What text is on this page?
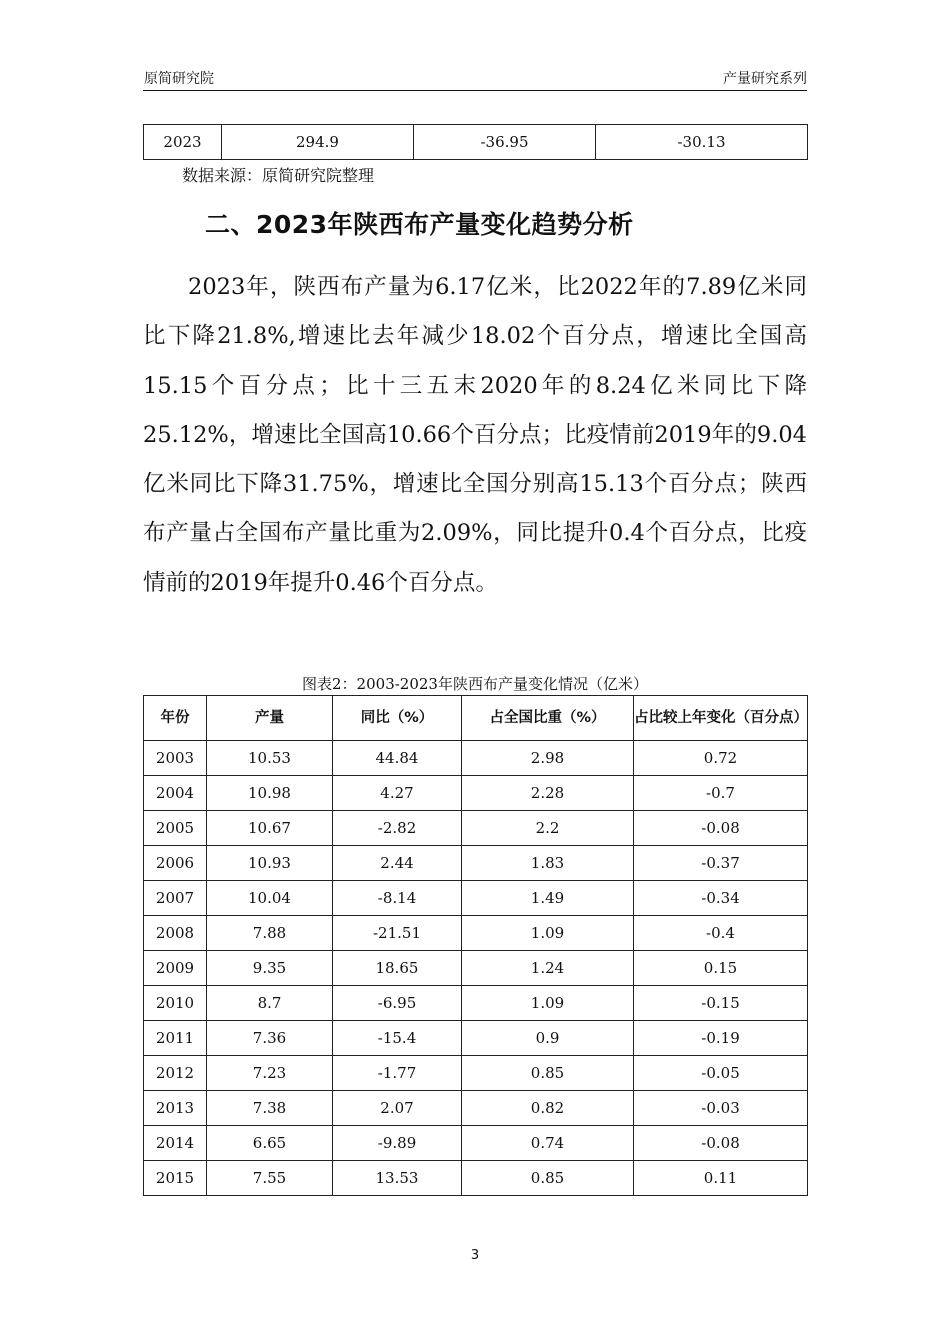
原简研究院	产量研究系列
2023	294.9	-36.95	-30.13
数据来源：原简研究院整理
二、2023年陕西布产量变化趋势分析

2023年，陕西布产量为6.17亿米，比2022年的7.89亿米同比下降21.8%,增速比去年减少18.02个百分点，增速比全国高15.15个百分点；比十三五末2020年的8.24亿米同比下降25.12%，增速比全国高10.66个百分点；比疫情前2019年的9.04亿米同比下降31.75%，增速比全国分别高15.13个百分点；陕西布产量占全国布产量比重为2.09%，同比提升0.4个百分点，比疫情前的2019年提升0.46个百分点。

图表2：2003-2023年陕西布产量变化情况（亿米）
年份	产量	同比（%）	占全国比重（%）	占比较上年变化（百分点）
2003	10.53	44.84	2.98	0.72
2004	10.98	4.27	2.28	-0.7
2005	10.67	-2.82	2.2	-0.08
2006	10.93	2.44	1.83	-0.37
2007	10.04	-8.14	1.49	-0.34
2008	7.88	-21.51	1.09	-0.4
2009	9.35	18.65	1.24	0.15
2010	8.7	-6.95	1.09	-0.15
2011	7.36	-15.4	0.9	-0.19
2012	7.23	-1.77	0.85	-0.05
2013	7.38	2.07	0.82	-0.03
2014	6.65	-9.89	0.74	-0.08
2015	7.55	13.53	0.85	0.11
3
